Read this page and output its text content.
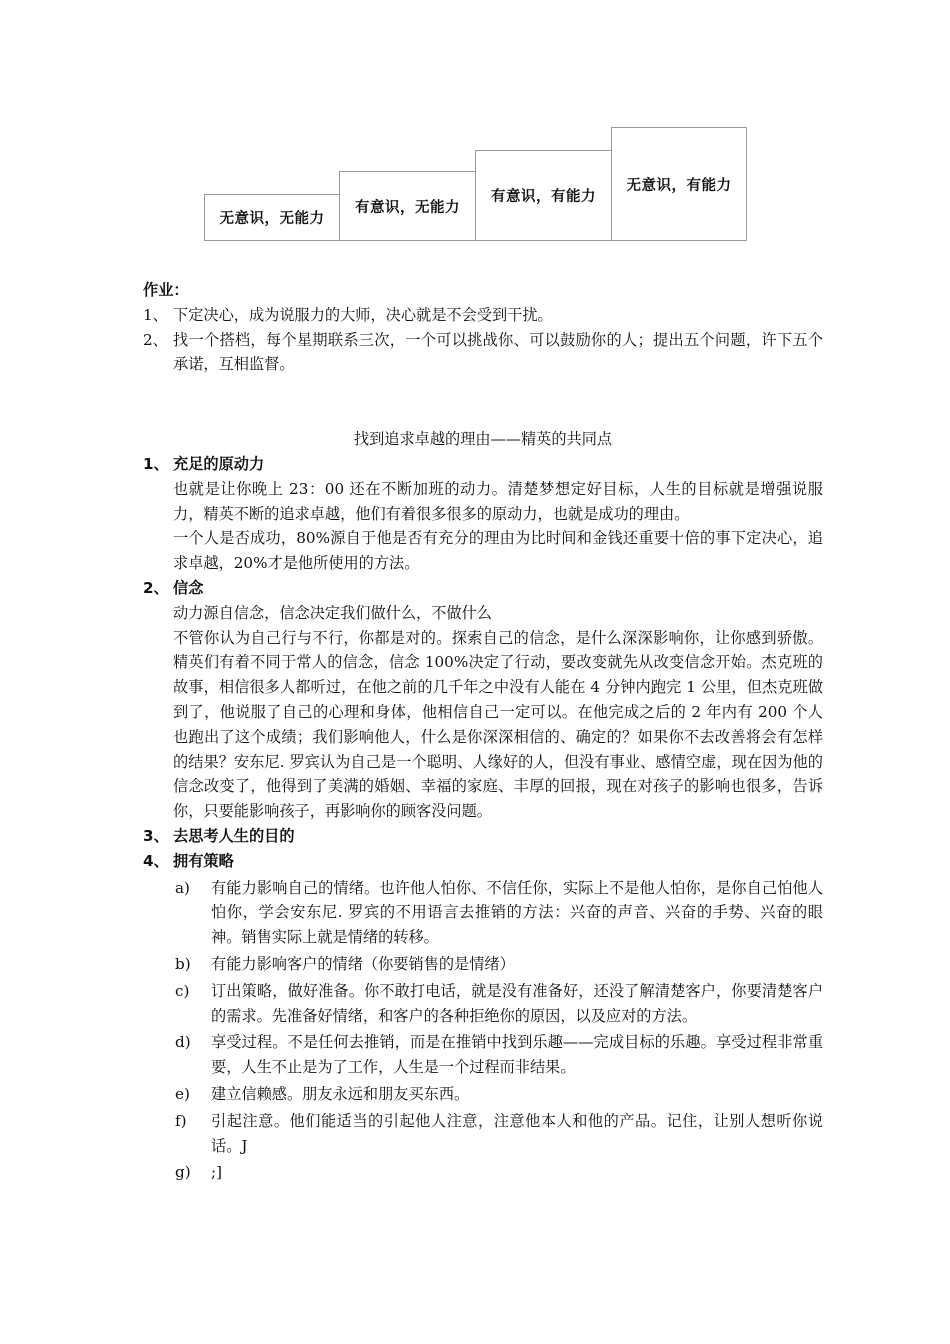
无意识，无能力
有意识，无能力
有意识，有能力
无意识，有能力
作业：
1、 下定决心，成为说服力的大师，决心就是不会受到干扰。
2、 找一个搭档，每个星期联系三次，一个可以挑战你、可以鼓励你的人；提出五个问题，许下五个承诺，互相监督。
找到追求卓越的理由——精英的共同点
1、 充足的原动力
也就是让你晚上 23：00 还在不断加班的动力。清楚梦想定好目标，人生的目标就是增强说服力，精英不断的追求卓越，他们有着很多很多的原动力，也就是成功的理由。
一个人是否成功，80%源自于他是否有充分的理由为比时间和金钱还重要十倍的事下定决心，追求卓越，20%才是他所使用的方法。
2、 信念
动力源自信念，信念决定我们做什么，不做什么
不管你认为自己行与不行，你都是对的。探索自己的信念，是什么深深影响你，让你感到骄傲。精英们有着不同于常人的信念，信念 100%决定了行动，要改变就先从改变信念开始。杰克班的故事，相信很多人都听过，在他之前的几千年之中没有人能在 4 分钟内跑完 1 公里，但杰克班做到了，他说服了自己的心理和身体，他相信自己一定可以。在他完成之后的 2 年内有 200 个人也跑出了这个成绩；我们影响他人，什么是你深深相信的、确定的？如果你不去改善将会有怎样的结果？安东尼. 罗宾认为自己是一个聪明、人缘好的人，但没有事业、感情空虚，现在因为他的信念改变了，他得到了美满的婚姻、幸福的家庭、丰厚的回报，现在对孩子的影响也很多，告诉你，只要能影响孩子，再影响你的顾客没问题。
3、 去思考人生的目的
4、 拥有策略
a)	有能力影响自己的情绪。也许他人怕你、不信任你，实际上不是他人怕你，是你自己怕他人怕你，学会安东尼. 罗宾的不用语言去推销的方法：兴奋的声音、兴奋的手势、兴奋的眼神。销售实际上就是情绪的转移。
b)	有能力影响客户的情绪（你要销售的是情绪）
c)	订出策略，做好准备。你不敢打电话，就是没有准备好，还没了解清楚客户，你要清楚客户的需求。先准备好情绪，和客户的各种拒绝你的原因，以及应对的方法。
d)	享受过程。不是任何去推销，而是在推销中找到乐趣——完成目标的乐趣。享受过程非常重要，人生不止是为了工作，人生是一个过程而非结果。
e)	建立信赖感。朋友永远和朋友买东西。
f)	引起注意。他们能适当的引起他人注意，注意他本人和他的产品。记住，让别人想听你说话。J
g)	;]
